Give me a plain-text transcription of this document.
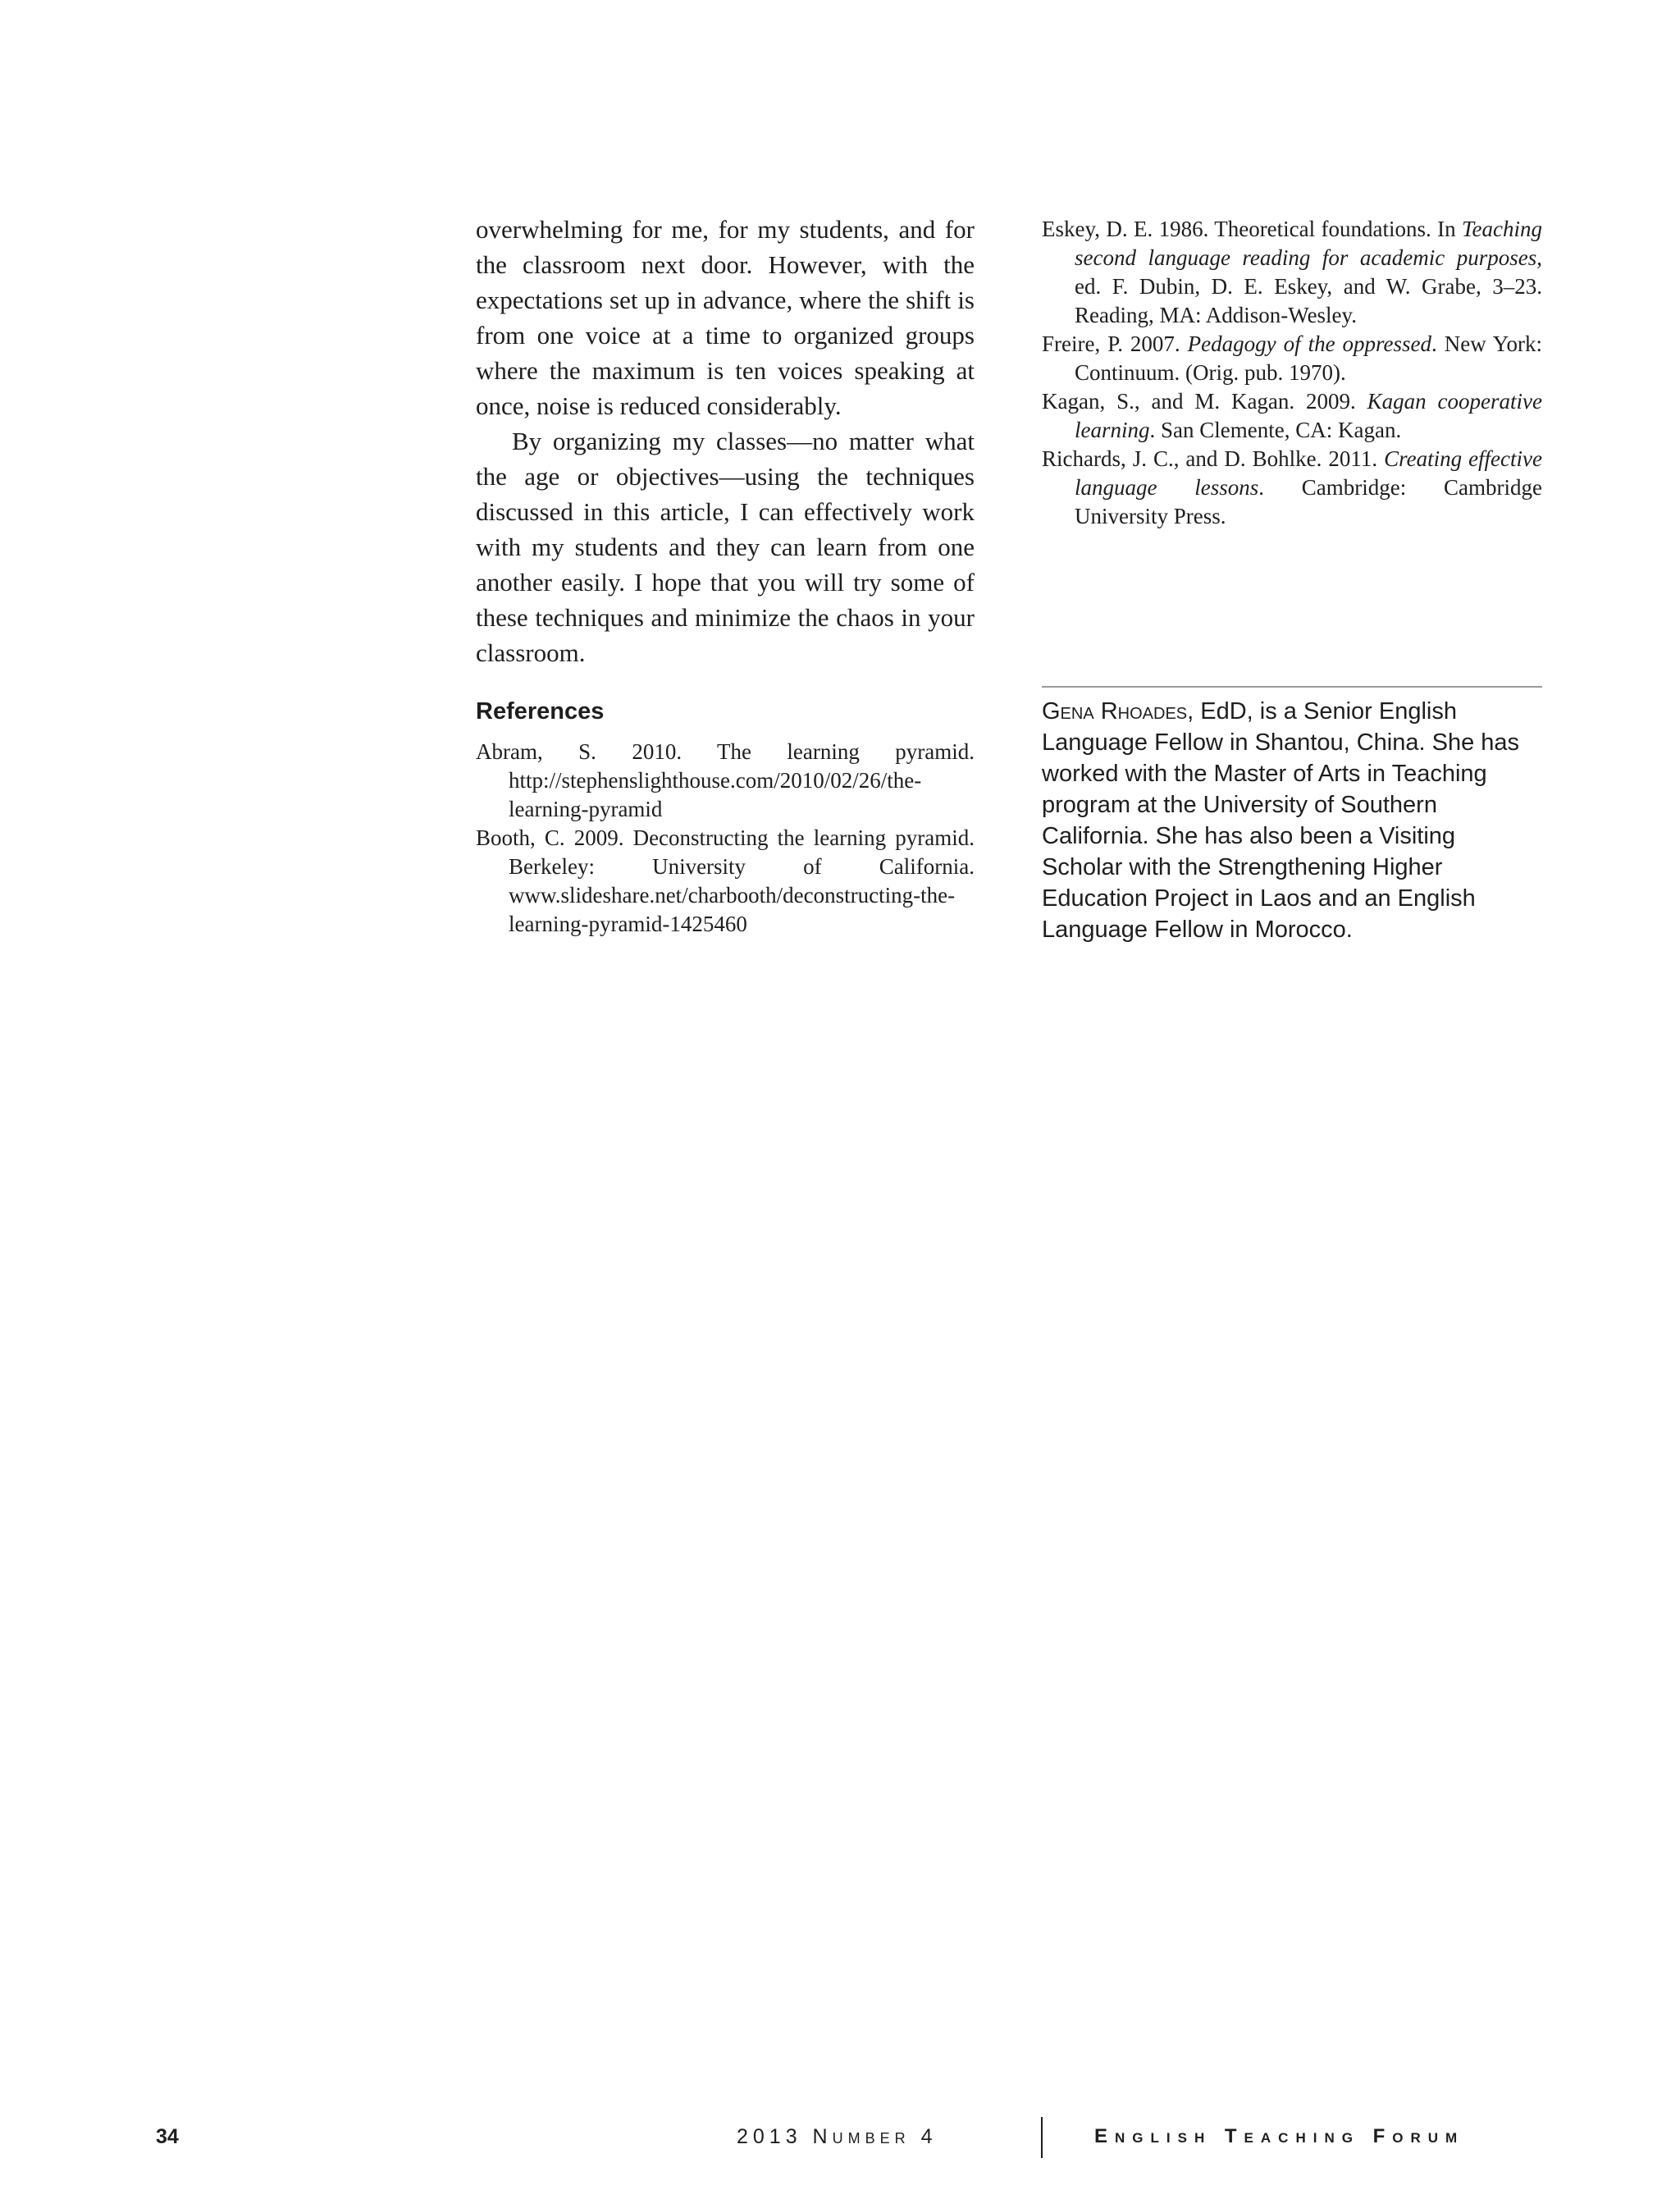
overwhelming for me, for my students, and for the classroom next door. However, with the expectations set up in advance, where the shift is from one voice at a time to organized groups where the maximum is ten voices speaking at once, noise is reduced considerably.

By organizing my classes—no matter what the age or objectives—using the techniques discussed in this article, I can effectively work with my students and they can learn from one another easily. I hope that you will try some of these techniques and minimize the chaos in your classroom.

References

Abram, S. 2010. The learning pyramid. http://stephenslighthouse.com/2010/02/26/the-learning-pyramid

Booth, C. 2009. Deconstructing the learning pyramid. Berkeley: University of California. www.slideshare.net/charbooth/deconstructing-the-learning-pyramid-1425460

Eskey, D. E. 1986. Theoretical foundations. In Teaching second language reading for academic purposes, ed. F. Dubin, D. E. Eskey, and W. Grabe, 3–23. Reading, MA: Addison-Wesley.

Freire, P. 2007. Pedagogy of the oppressed. New York: Continuum. (Orig. pub. 1970).

Kagan, S., and M. Kagan. 2009. Kagan cooperative learning. San Clemente, CA: Kagan.

Richards, J. C., and D. Bohlke. 2011. Creating effective language lessons. Cambridge: Cambridge University Press.

Gena Rhoades, EdD, is a Senior English Language Fellow in Shantou, China. She has worked with the Master of Arts in Teaching program at the University of Southern California. She has also been a Visiting Scholar with the Strengthening Higher Education Project in Laos and an English Language Fellow in Morocco.

34	2013 Number 4	English Teaching Forum
